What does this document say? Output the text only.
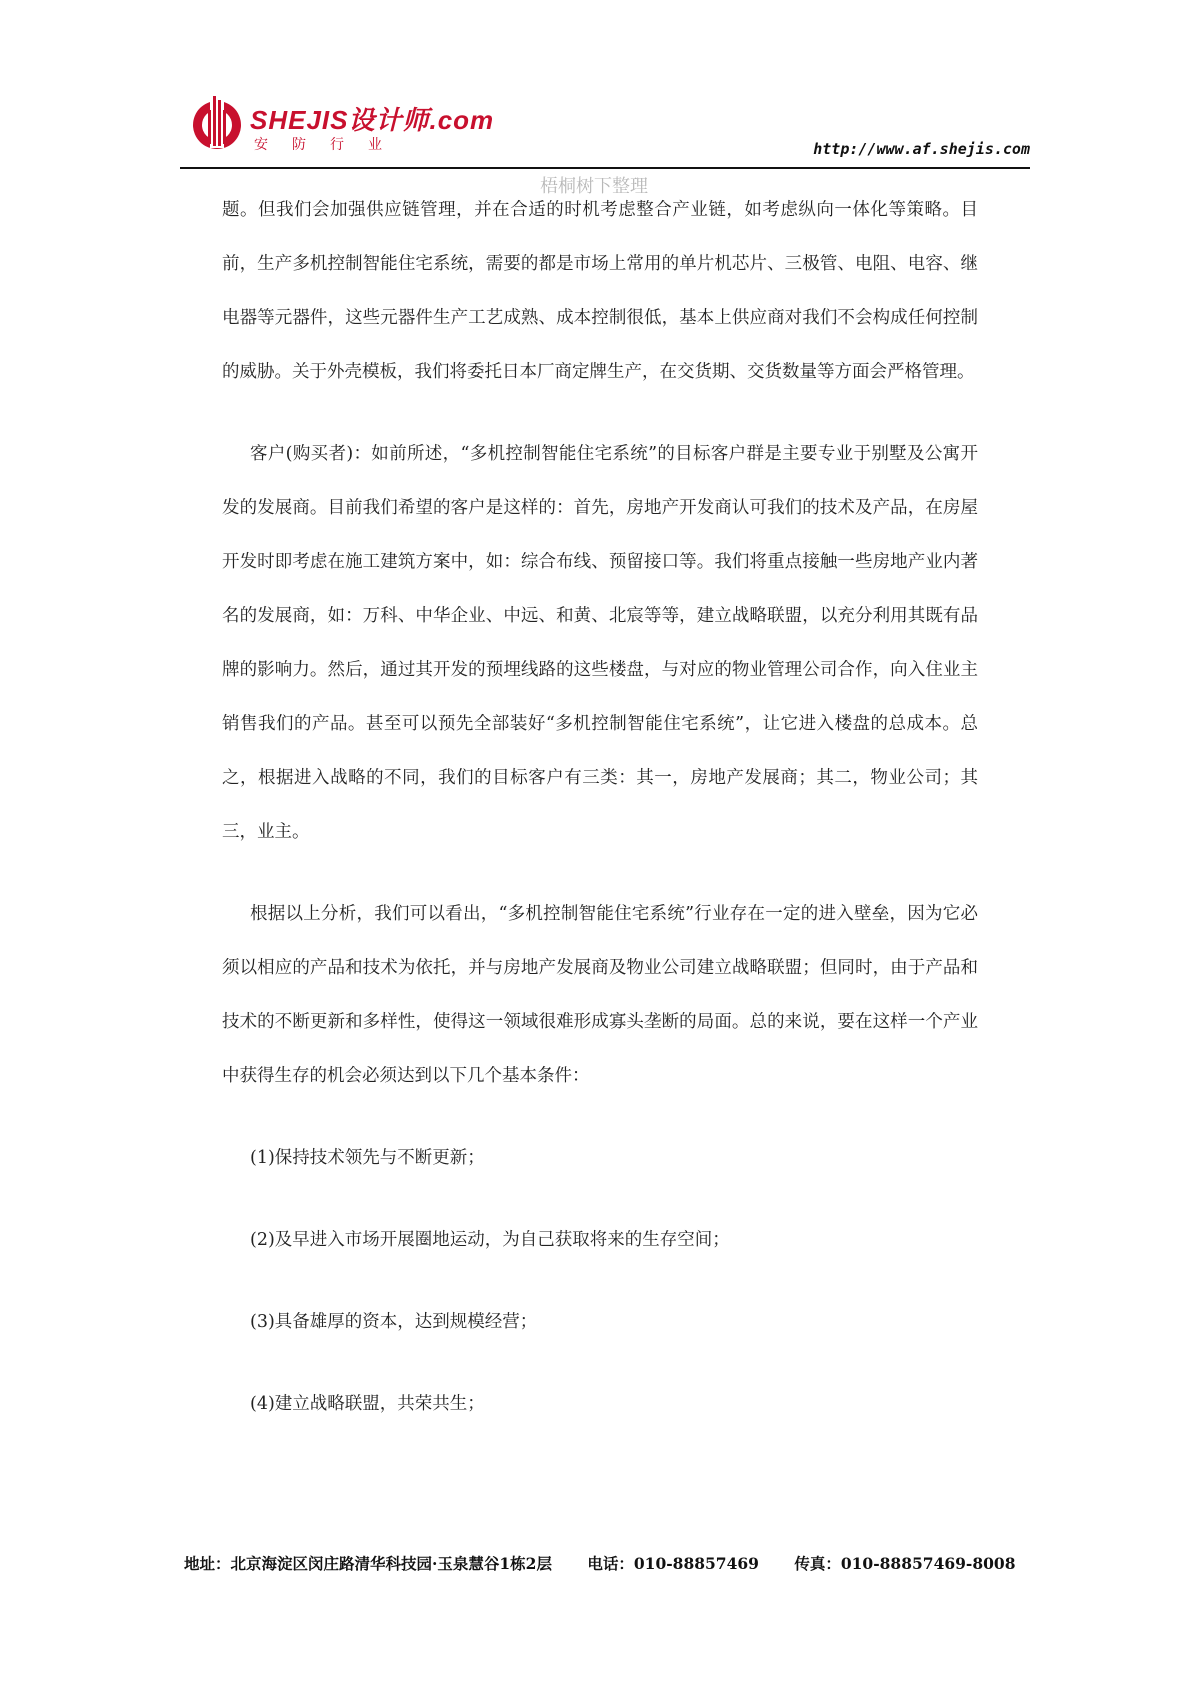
SHEJIS设计师.com
安防行业	http://www.af.shejis.com
梧桐树下整理

题。但我们会加强供应链管理，并在合适的时机考虑整合产业链，如考虑纵向一体化等策略。目前，生产多机控制智能住宅系统，需要的都是市场上常用的单片机芯片、三极管、电阻、电容、继电器等元器件，这些元器件生产工艺成熟、成本控制很低，基本上供应商对我们不会构成任何控制的威胁。关于外壳模板，我们将委托日本厂商定牌生产，在交货期、交货数量等方面会严格管理。

客户(购买者)：如前所述，“多机控制智能住宅系统”的目标客户群是主要专业于别墅及公寓开发的发展商。目前我们希望的客户是这样的：首先，房地产开发商认可我们的技术及产品，在房屋开发时即考虑在施工建筑方案中，如：综合布线、预留接口等。我们将重点接触一些房地产业内著名的发展商，如：万科、中华企业、中远、和黄、北宸等等，建立战略联盟，以充分利用其既有品牌的影响力。然后，通过其开发的预埋线路的这些楼盘，与对应的物业管理公司合作，向入住业主销售我们的产品。甚至可以预先全部装好“多机控制智能住宅系统”，让它进入楼盘的总成本。总之，根据进入战略的不同，我们的目标客户有三类：其一，房地产发展商；其二，物业公司；其三，业主。

根据以上分析，我们可以看出，“多机控制智能住宅系统”行业存在一定的进入壁垒，因为它必须以相应的产品和技术为依托，并与房地产发展商及物业公司建立战略联盟；但同时，由于产品和技术的不断更新和多样性，使得这一领域很难形成寡头垄断的局面。总的来说，要在这样一个产业中获得生存的机会必须达到以下几个基本条件：

(1)保持技术领先与不断更新；

(2)及早进入市场开展圈地运动，为自己获取将来的生存空间；

(3)具备雄厚的资本，达到规模经营；

(4)建立战略联盟，共荣共生；

地址：北京海淀区闵庄路清华科技园·玉泉慧谷1栋2层 电话：010-88857469 传真：010-88857469-8008
